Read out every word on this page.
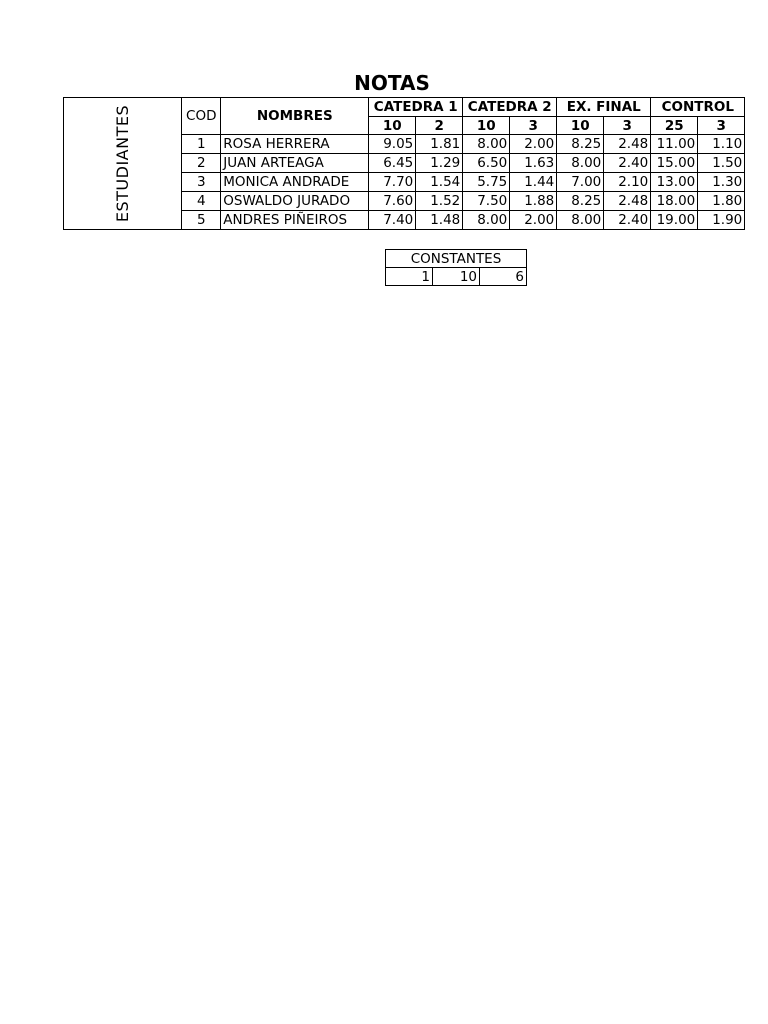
NOTAS
ESTUDIANTES	COD	NOMBRES	CATEDRA 1		CATEDRA 2		EX. FINAL		CONTROL	
			10	2	10	3	10	3	25	3
	1	ROSA HERRERA	9.05	1.81	8.00	2.00	8.25	2.48	11.00	1.10
	2	JUAN ARTEAGA	6.45	1.29	6.50	1.63	8.00	2.40	15.00	1.50
	3	MONICA ANDRADE	7.70	1.54	5.75	1.44	7.00	2.10	13.00	1.30
	4	OSWALDO JURADO	7.60	1.52	7.50	1.88	8.25	2.48	18.00	1.80
	5	ANDRES PIÑEIROS	7.40	1.48	8.00	2.00	8.00	2.40	19.00	1.90
CONSTANTES
1	10	6
